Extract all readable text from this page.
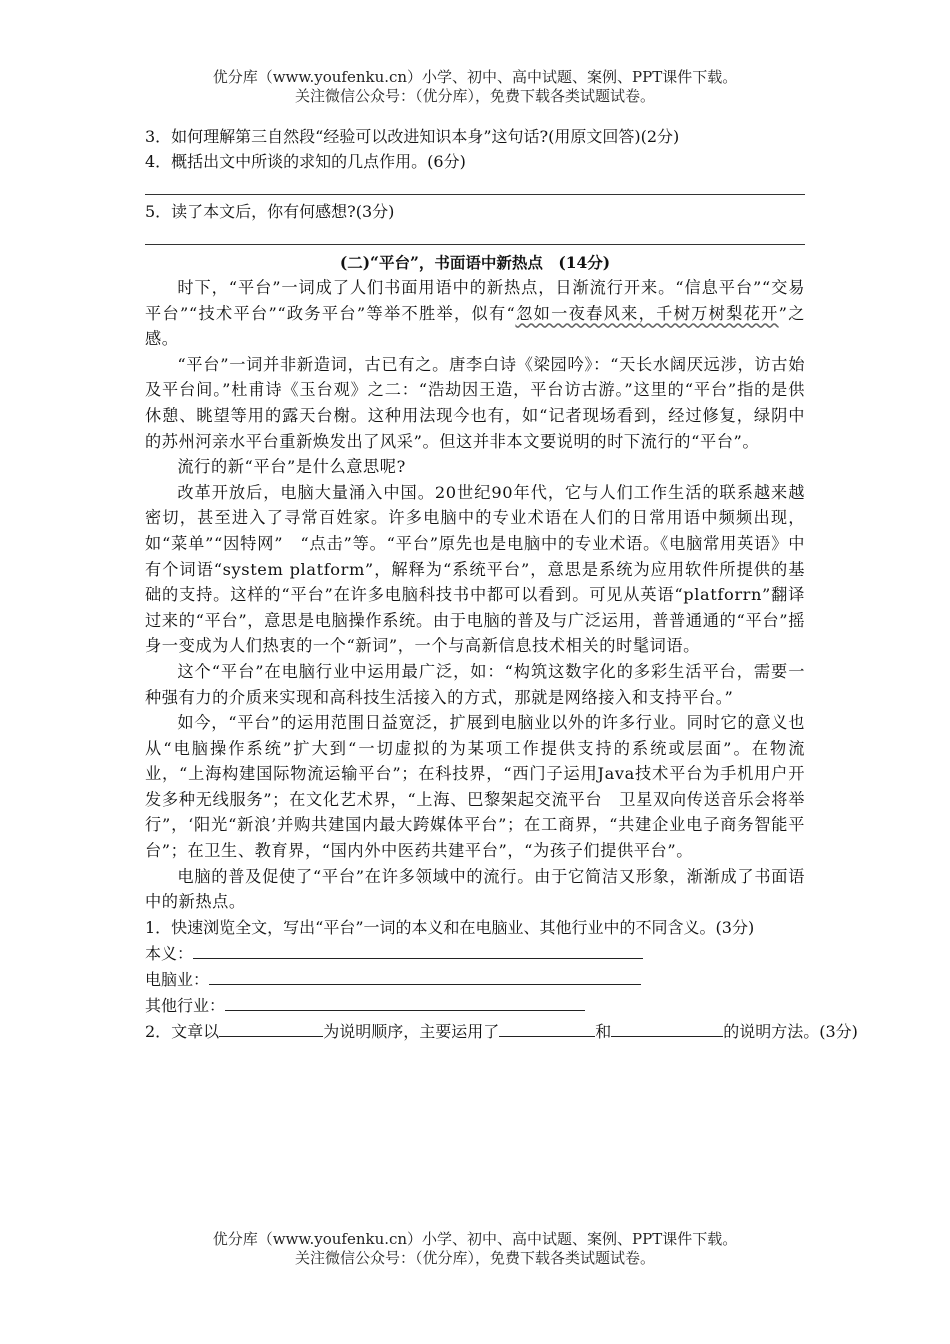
优分库（www.youfenku.cn）小学、初中、高中试题、案例、PPT课件下载。
关注微信公众号：（优分库），免费下载各类试题试卷。
3．如何理解第三自然段“经验可以改进知识本身”这句话?(用原文回答)(2分)
4．概括出文中所谈的求知的几点作用。(6分)
5．读了本文后，你有何感想?(3分)
(二)“平台”，书面语中新热点　(14分)

时下，“平台”一词成了人们书面用语中的新热点，日渐流行开来。“信息平台”“交易平台”“技术平台”“政务平台”等举不胜举，似有“忽如一夜春风来，千树万树梨花开”之感。

“平台”一词并非新造词，古已有之。唐李白诗《梁园吟》：“天长水阔厌远涉，访古始及平台间。”杜甫诗《玉台观》之二：“浩劫因王造，平台访古游。”这里的“平台”指的是供休憩、眺望等用的露天台榭。这种用法现今也有，如“记者现场看到，经过修复，绿阴中的苏州河亲水平台重新焕发出了风采”。但这并非本文要说明的时下流行的“平台”。

流行的新“平台”是什么意思呢?

改革开放后，电脑大量涌入中国。20世纪90年代，它与人们工作生活的联系越来越密切，甚至进入了寻常百姓家。许多电脑中的专业术语在人们的日常用语中频频出现，如“菜单”“因特网”　“点击”等。“平台”原先也是电脑中的专业术语。《电脑常用英语》中有个词语“system platform”，解释为“系统平台”，意思是系统为应用软件所提供的基础的支持。这样的“平台”在许多电脑科技书中都可以看到。可见从英语“platforrn”翻译过来的“平台”，意思是电脑操作系统。由于电脑的普及与广泛运用，普普通通的“平台”摇身一变成为人们热衷的一个“新词”，一个与高新信息技术相关的时髦词语。

这个“平台”在电脑行业中运用最广泛，如：“构筑这数字化的多彩生活平台，需要一种强有力的介质来实现和高科技生活接入的方式，那就是网络接入和支持平台。”

如今，“平台”的运用范围日益宽泛，扩展到电脑业以外的许多行业。同时它的意义也从“电脑操作系统”扩大到“一切虚拟的为某项工作提供支持的系统或层面”。在物流业，“上海构建国际物流运输平台”；在科技界，“西门子运用Java技术平台为手机用户开发多种无线服务”；在文化艺术界，“上海、巴黎架起交流平台　卫星双向传送音乐会将举行”，‘阳光“新浪’并购共建国内最大跨媒体平台”；在工商界，“共建企业电子商务智能平台”；在卫生、教育界，“国内外中医药共建平台”，“为孩子们提供平台”。

电脑的普及促使了“平台”在许多领域中的流行。由于它简洁又形象，渐渐成了书面语中的新热点。

1．快速浏览全文，写出“平台”一词的本义和在电脑业、其他行业中的不同含义。(3分)
本义：
电脑业：
其他行业：
2．文章以	为说明顺序，主要运用了	和	的说明方法。(3分)
优分库（www.youfenku.cn）小学、初中、高中试题、案例、PPT课件下载。
关注微信公众号：（优分库），免费下载各类试题试卷。
